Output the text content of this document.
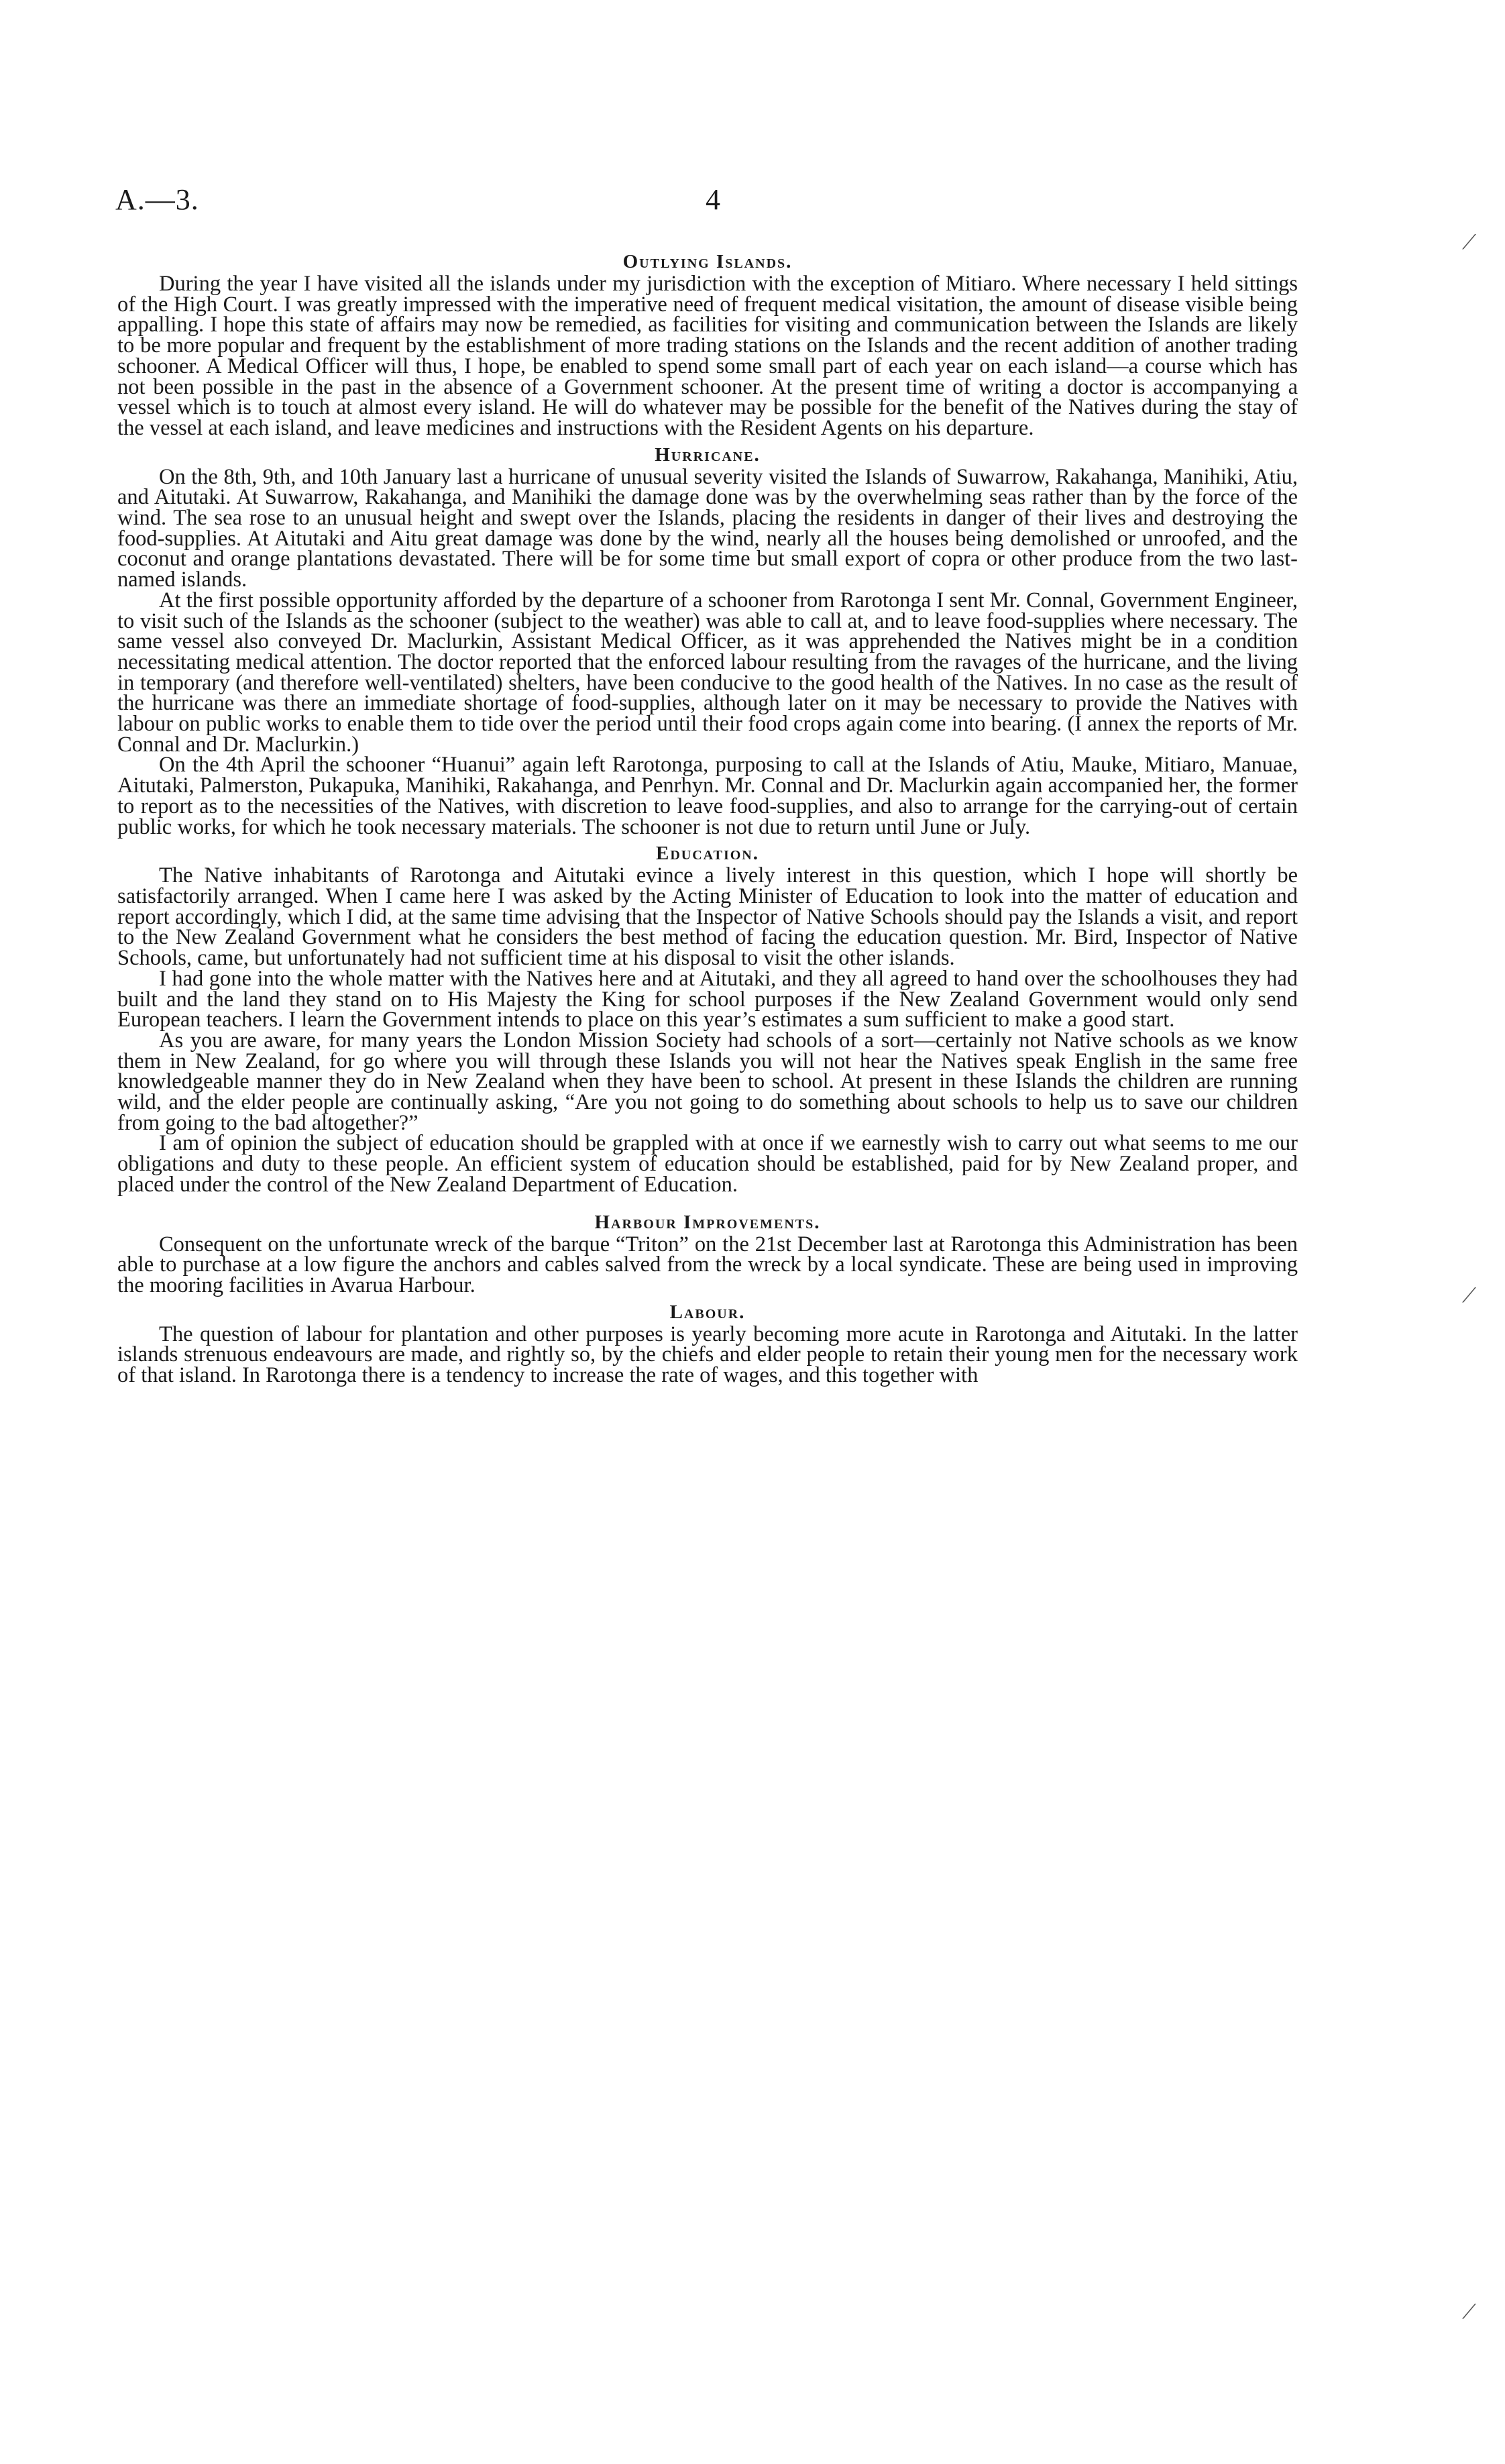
A.—3.	4
⟋
⟋
⟋
Outlying Islands.

During the year I have visited all the islands under my jurisdiction with the exception of Mitiaro. Where necessary I held sittings of the High Court. I was greatly impressed with the imperative need of frequent medical visitation, the amount of disease visible being appalling. I hope this state of affairs may now be remedied, as facilities for visiting and communication between the Islands are likely to be more popular and frequent by the establishment of more trading stations on the Islands and the recent addition of another trading schooner. A Medical Officer will thus, I hope, be enabled to spend some small part of each year on each island—a course which has not been possible in the past in the absence of a Government schooner. At the present time of writing a doctor is accompanying a vessel which is to touch at almost every island. He will do whatever may be possible for the benefit of the Natives during the stay of the vessel at each island, and leave medicines and instructions with the Resident Agents on his departure.

Hurricane.

On the 8th, 9th, and 10th January last a hurricane of unusual severity visited the Islands of Suwarrow, Rakahanga, Manihiki, Atiu, and Aitutaki. At Suwarrow, Rakahanga, and Manihiki the damage done was by the overwhelming seas rather than by the force of the wind. The sea rose to an unusual height and swept over the Islands, placing the residents in danger of their lives and destroying the food-supplies. At Aitutaki and Aitu great damage was done by the wind, nearly all the houses being demolished or unroofed, and the coconut and orange plantations devastated. There will be for some time but small export of copra or other produce from the two last-named islands.

At the first possible opportunity afforded by the departure of a schooner from Rarotonga I sent Mr. Connal, Government Engineer, to visit such of the Islands as the schooner (subject to the weather) was able to call at, and to leave food-supplies where necessary. The same vessel also conveyed Dr. Maclurkin, Assistant Medical Officer, as it was apprehended the Natives might be in a condition necessitating medical attention. The doctor reported that the enforced labour resulting from the ravages of the hurricane, and the living in temporary (and therefore well-ventilated) shelters, have been conducive to the good health of the Natives. In no case as the result of the hurricane was there an immediate shortage of food-supplies, although later on it may be necessary to provide the Natives with labour on public works to enable them to tide over the period until their food crops again come into bearing. (I annex the reports of Mr. Connal and Dr. Maclurkin.)

On the 4th April the schooner “Huanui” again left Rarotonga, purposing to call at the Islands of Atiu, Mauke, Mitiaro, Manuae, Aitutaki, Palmerston, Pukapuka, Manihiki, Rakahanga, and Penrhyn. Mr. Connal and Dr. Maclurkin again accompanied her, the former to report as to the necessities of the Natives, with discretion to leave food-supplies, and also to arrange for the carrying-out of certain public works, for which he took necessary materials. The schooner is not due to return until June or July.

Education.

The Native inhabitants of Rarotonga and Aitutaki evince a lively interest in this question, which I hope will shortly be satisfactorily arranged. When I came here I was asked by the Acting Minister of Education to look into the matter of education and report accordingly, which I did, at the same time advising that the Inspector of Native Schools should pay the Islands a visit, and report to the New Zealand Government what he considers the best method of facing the education question. Mr. Bird, Inspector of Native Schools, came, but unfortunately had not sufficient time at his disposal to visit the other islands.

I had gone into the whole matter with the Natives here and at Aitutaki, and they all agreed to hand over the schoolhouses they had built and the land they stand on to His Majesty the King for school purposes if the New Zealand Government would only send European teachers. I learn the Government intends to place on this year’s estimates a sum sufficient to make a good start.

As you are aware, for many years the London Mission Society had schools of a sort—certainly not Native schools as we know them in New Zealand, for go where you will through these Islands you will not hear the Natives speak English in the same free knowledgeable manner they do in New Zealand when they have been to school. At present in these Islands the children are running wild, and the elder people are continually asking, “Are you not going to do something about schools to help us to save our children from going to the bad altogether?”

I am of opinion the subject of education should be grappled with at once if we earnestly wish to carry out what seems to me our obligations and duty to these people. An efficient system of education should be established, paid for by New Zealand proper, and placed under the control of the New Zealand Department of Education.

Harbour Improvements.

Consequent on the unfortunate wreck of the barque “Triton” on the 21st December last at Rarotonga this Administration has been able to purchase at a low figure the anchors and cables salved from the wreck by a local syndicate. These are being used in improving the mooring facilities in Avarua Harbour.

Labour.

The question of labour for plantation and other purposes is yearly becoming more acute in Rarotonga and Aitutaki. In the latter islands strenuous endeavours are made, and rightly so, by the chiefs and elder people to retain their young men for the necessary work of that island. In Rarotonga there is a tendency to increase the rate of wages, and this together with
